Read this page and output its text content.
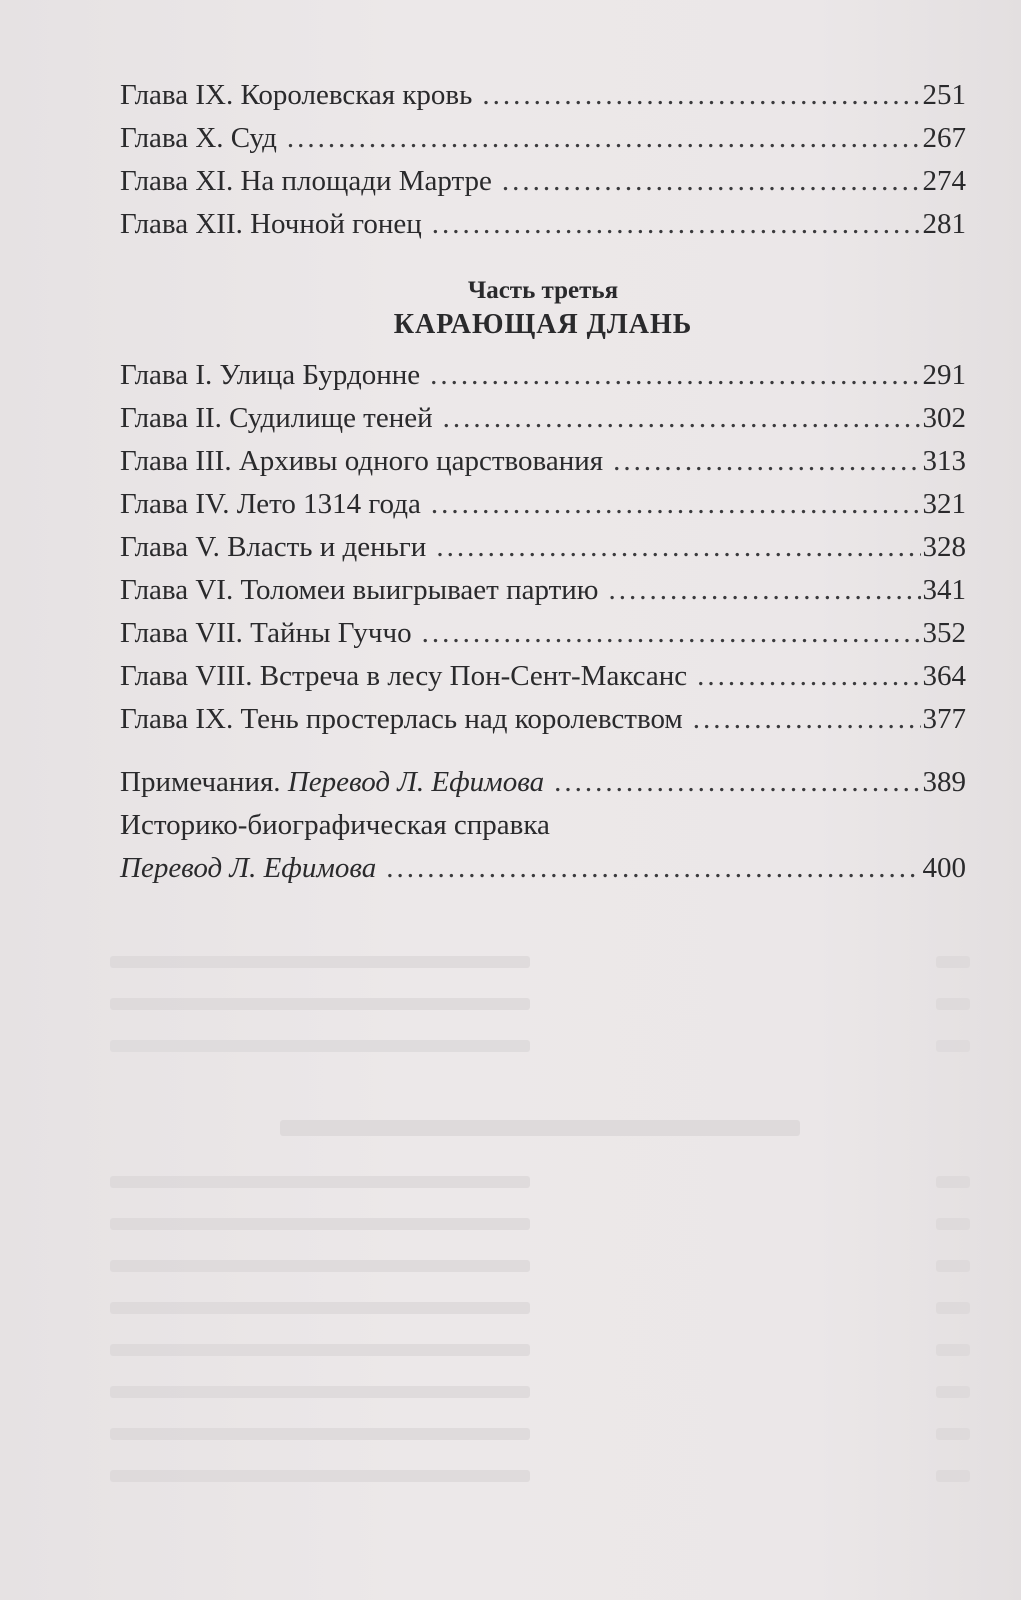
Глава IX. Королевская кровь .....	251
Глава X. Суд .....	267
Глава XI. На площади Мартре .....	274
Глава XII. Ночной гонец .....	281
Часть третья
КАРАЮЩАЯ ДЛАНЬ
Глава I. Улица Бурдонне .....	291
Глава II. Судилище теней .....	302
Глава III. Архивы одного царствования .....	313
Глава IV. Лето 1314 года .....	321
Глава V. Власть и деньги .....	328
Глава VI. Толомеи выигрывает партию .....	341
Глава VII. Тайны Гуччо .....	352
Глава VIII. Встреча в лесу Пон-Сент-Максанс .....	364
Глава IX. Тень простерлась над королевством .....	377
Примечания. Перевод Л. Ефимова .....	389
Историко-биографическая справка
Перевод Л. Ефимова .....	400
